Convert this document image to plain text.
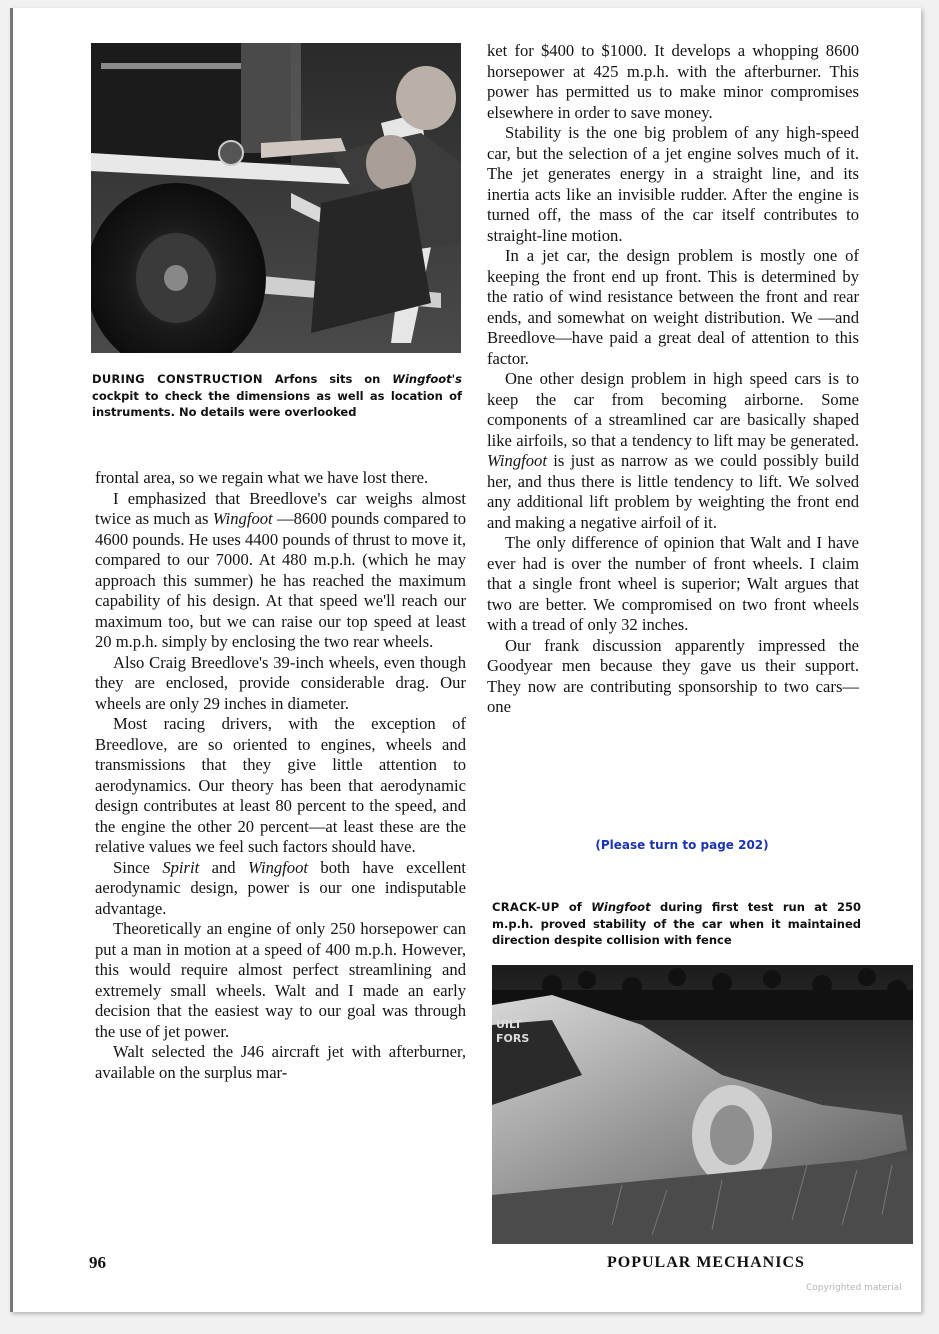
DURING CONSTRUCTION Arfons sits on Wingfoot's cockpit to check the dimensions as well as location of instruments. No details were overlooked

frontal area, so we regain what we have lost there.

I emphasized that Breedlove's car weighs almost twice as much as Wingfoot —8600 pounds compared to 4600 pounds. He uses 4400 pounds of thrust to move it, compared to our 7000. At 480 m.p.h. (which he may approach this summer) he has reached the maximum capability of his design. At that speed we'll reach our maximum too, but we can raise our top speed at least 20 m.p.h. simply by enclosing the two rear wheels.

Also Craig Breedlove's 39-inch wheels, even though they are enclosed, provide considerable drag. Our wheels are only 29 inches in diameter.

Most racing drivers, with the exception of Breedlove, are so oriented to engines, wheels and transmissions that they give little attention to aerodynamics. Our theory has been that aerodynamic design contributes at least 80 percent to the speed, and the engine the other 20 percent—at least these are the relative values we feel such factors should have.

Since Spirit and Wingfoot both have excellent aerodynamic design, power is our one indisputable advantage.

Theoretically an engine of only 250 horsepower can put a man in motion at a speed of 400 m.p.h. However, this would require almost perfect streamlining and extremely small wheels. Walt and I made an early decision that the easiest way to our goal was through the use of jet power.

Walt selected the J46 aircraft jet with afterburner, available on the surplus mar-

ket for $400 to $1000. It develops a whopping 8600 horsepower at 425 m.p.h. with the afterburner. This power has permitted us to make minor compromises elsewhere in order to save money.

Stability is the one big problem of any high-speed car, but the selection of a jet engine solves much of it. The jet generates energy in a straight line, and its inertia acts like an invisible rudder. After the engine is turned off, the mass of the car itself contributes to straight-line motion.

In a jet car, the design problem is mostly one of keeping the front end up front. This is determined by the ratio of wind resistance between the front and rear ends, and somewhat on weight distribution. We —and Breedlove—have paid a great deal of attention to this factor.

One other design problem in high speed cars is to keep the car from becoming airborne. Some components of a streamlined car are basically shaped like airfoils, so that a tendency to lift may be generated. Wingfoot is just as narrow as we could possibly build her, and thus there is little tendency to lift. We solved any additional lift problem by weighting the front end and making a negative airfoil of it.

The only difference of opinion that Walt and I have ever had is over the number of front wheels. I claim that a single front wheel is superior; Walt argues that two are better. We compromised on two front wheels with a tread of only 32 inches.

Our frank discussion apparently impressed the Goodyear men because they gave us their support. They now are contributing sponsorship to two cars—one

(Please turn to page 202)
CRACK-UP of Wingfoot during first test run at 250 m.p.h. proved stability of the car when it maintained direction despite collision with fence
UILT
FORS
96	POPULAR MECHANICS
Copyrighted material
